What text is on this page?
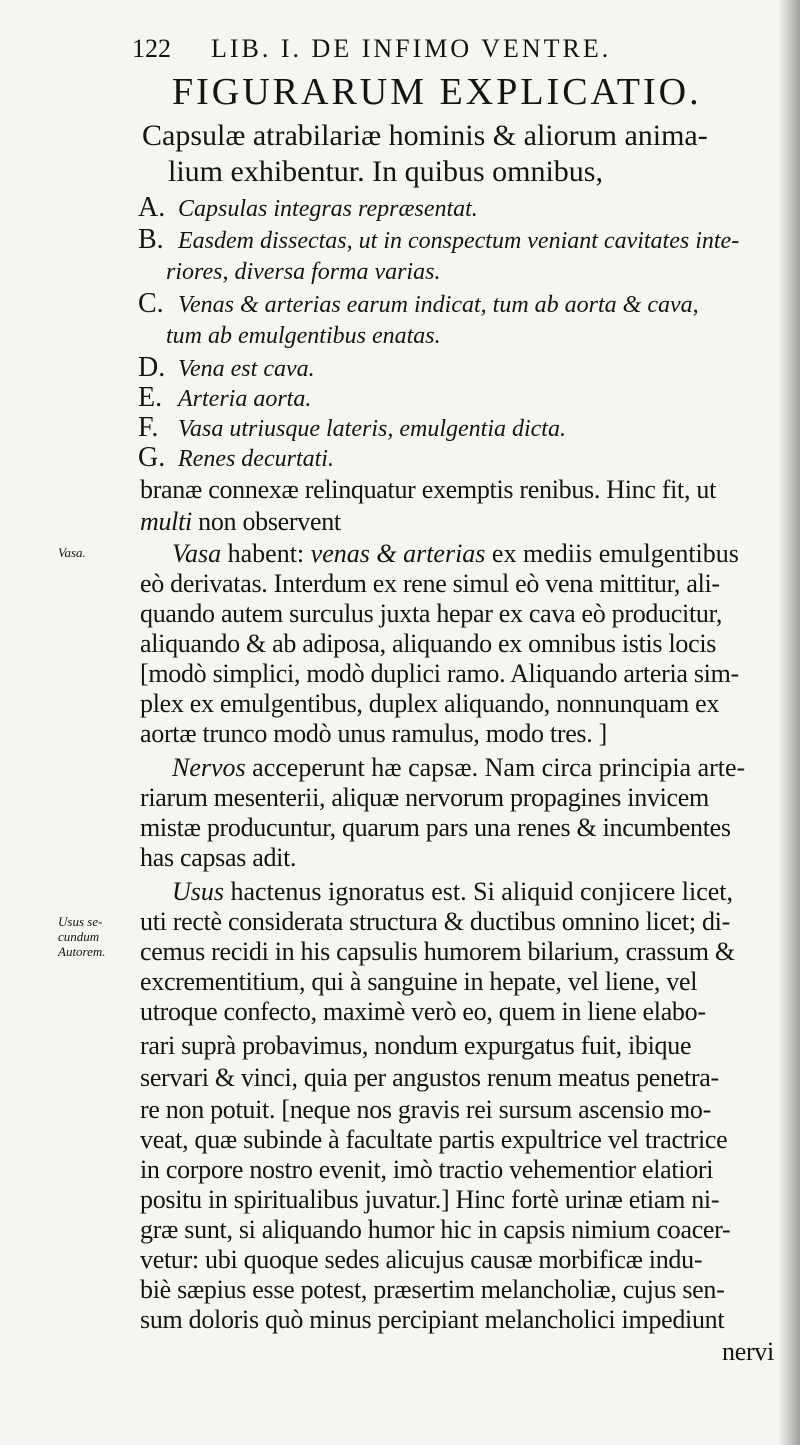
122 LIB. I. DE INFIMO VENTRE.
FIGURARUM EXPLICATIO.
Capsulæ atrabilariæ hominis & aliorum anima-
lium exhibentur. In quibus omnibus,
A. Capsulas integras repræsentat.
B. Easdem dissectas, ut in conspectum veniant cavitates inte-
riores, diversa forma varias.
C. Venas & arterias earum indicat, tum ab aorta & cava,
tum ab emulgentibus enatas.
D. Vena est cava.
E. Arteria aorta.
F. Vasa utriusque lateris, emulgentia dicta.
G. Renes decurtati.
branæ connexæ relinquatur exemptis renibus. Hinc fit, ut
multi non observent
Vasa.	Vasa habent: venas & arterias ex mediis emulgentibus
eò derivatas. Interdum ex rene simul eò vena mittitur, ali-
quando autem surculus juxta hepar ex cava eò producitur,
aliquando & ab adiposa, aliquando ex omnibus istis locis
[modò simplici, modò duplici ramo. Aliquando arteria sim-
plex ex emulgentibus, duplex aliquando, nonnunquam ex
aortæ trunco modò unus ramulus, modo tres. ]
Nervos acceperunt hæ capsæ. Nam circa principia arte-
riarum mesenterii, aliquæ nervorum propagines invicem
mistæ producuntur, quarum pars una renes & incumbentes
has capsas adit.
Usus hactenus ignoratus est. Si aliquid conjicere licet,
Usus se-
cundum
Autorem.
uti rectè considerata structura & ductibus omnino licet; di-
cemus recidi in his capsulis humorem bilarium, crassum &
excrementitium, qui à sanguine in hepate, vel liene, vel
utroque confecto, maximè verò eo, quem in liene elabo-
rari suprà probavimus, nondum expurgatus fuit, ibique
servari & vinci, quia per angustos renum meatus penetra-
re non potuit. [neque nos gravis rei sursum ascensio mo-
veat, quæ subinde à facultate partis expultrice vel tractrice
in corpore nostro evenit, imò tractio vehementior elatiori
positu in spiritualibus juvatur.] Hinc fortè urinæ etiam ni-
græ sunt, si aliquando humor hic in capsis nimium coacer-
vetur: ubi quoque sedes alicujus causæ morbificæ indu-
biè sæpius esse potest, præsertim melancholiæ, cujus sen-
sum doloris quò minus percipiant melancholici impediunt
nervi
